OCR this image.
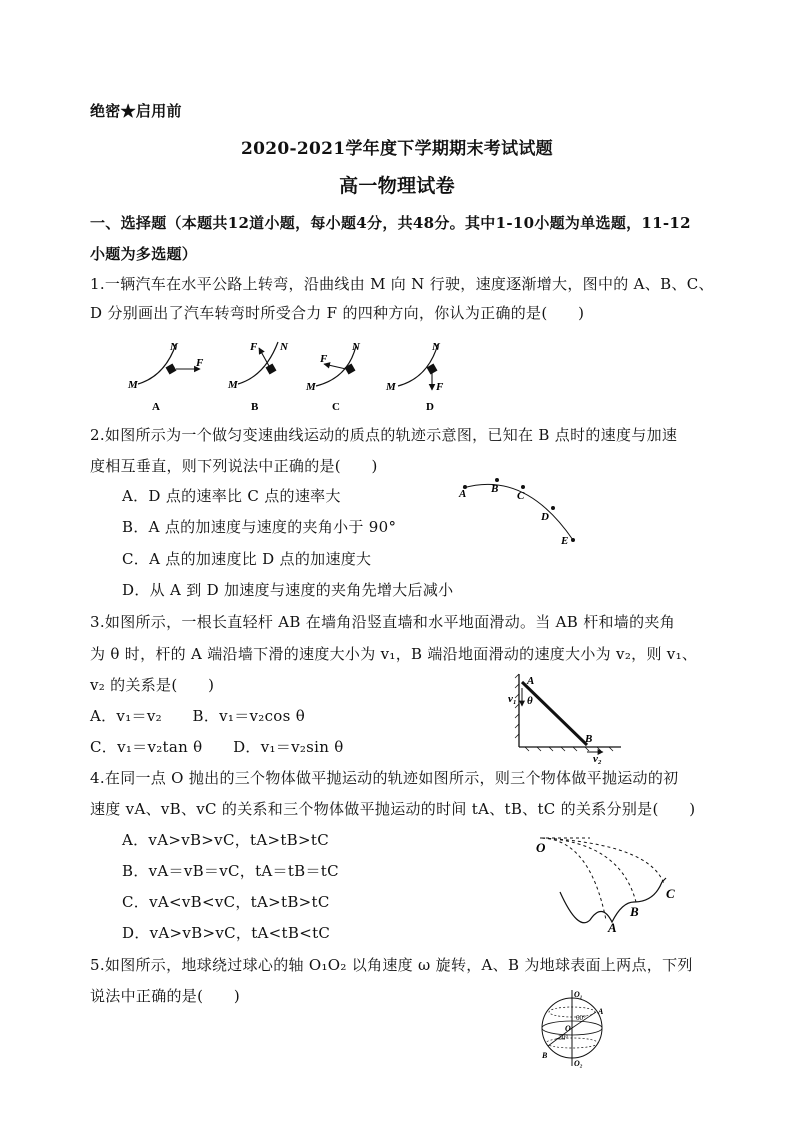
绝密★启用前
2020-2021学年度下学期期末考试试题
高一物理试卷
一、选择题（本题共12道小题，每小题4分，共48分。其中1-10小题为单选题，11-12
小题为多选题）
1.一辆汽车在水平公路上转弯，沿曲线由 M 向 N 行驶，速度逐渐增大，图中的 A、B、C、
D 分别画出了汽车转弯时所受合力 F 的四种方向，你认为正确的是(　　)
N
F
M
A
N
F
M
B
N
F
M
C
N
F
M
D
2.如图所示为一个做匀变速曲线运动的质点的轨迹示意图，已知在 B 点时的速度与加速
度相互垂直，则下列说法中正确的是(　　)
A．D 点的速率比 C 点的速率大
B．A 点的加速度与速度的夹角小于 90°
C．A 点的加速度比 D 点的加速度大
D．从 A 到 D 加速度与速度的夹角先增大后减小
A B
C
D
E
3.如图所示，一根长直轻杆 AB 在墙角沿竖直墙和水平地面滑动。当 AB 杆和墙的夹角
为 θ 时，杆的 A 端沿墙下滑的速度大小为 v₁，B 端沿地面滑动的速度大小为 v₂，则 v₁、
v₂ 的关系是(　　)
A．v₁＝v₂　　B．v₁＝v₂cos θ
C．v₁＝v₂tan θ　　D．v₁＝v₂sin θ
A
θ
v₁
B
v₂
4.在同一点 O 抛出的三个物体做平抛运动的轨迹如图所示，则三个物体做平抛运动的初
速度 vA、vB、vC 的关系和三个物体做平抛运动的时间 tA、tB、tC 的关系分别是(　　)
A．vA>vB>vC，tA>tB>tC
B．vA＝vB＝vC，tA＝tB＝tC
C．vA<vB<vC，tA>tB>tC
D．vA>vB>vC，tA<tB<tC
O
A
B
C
5.如图所示，地球绕过球心的轴 O₁O₂ 以角速度 ω 旋转，A、B 为地球表面上两点，下列
说法中正确的是(　　)	O₁
O₂
O
A
B
60°
-30°
